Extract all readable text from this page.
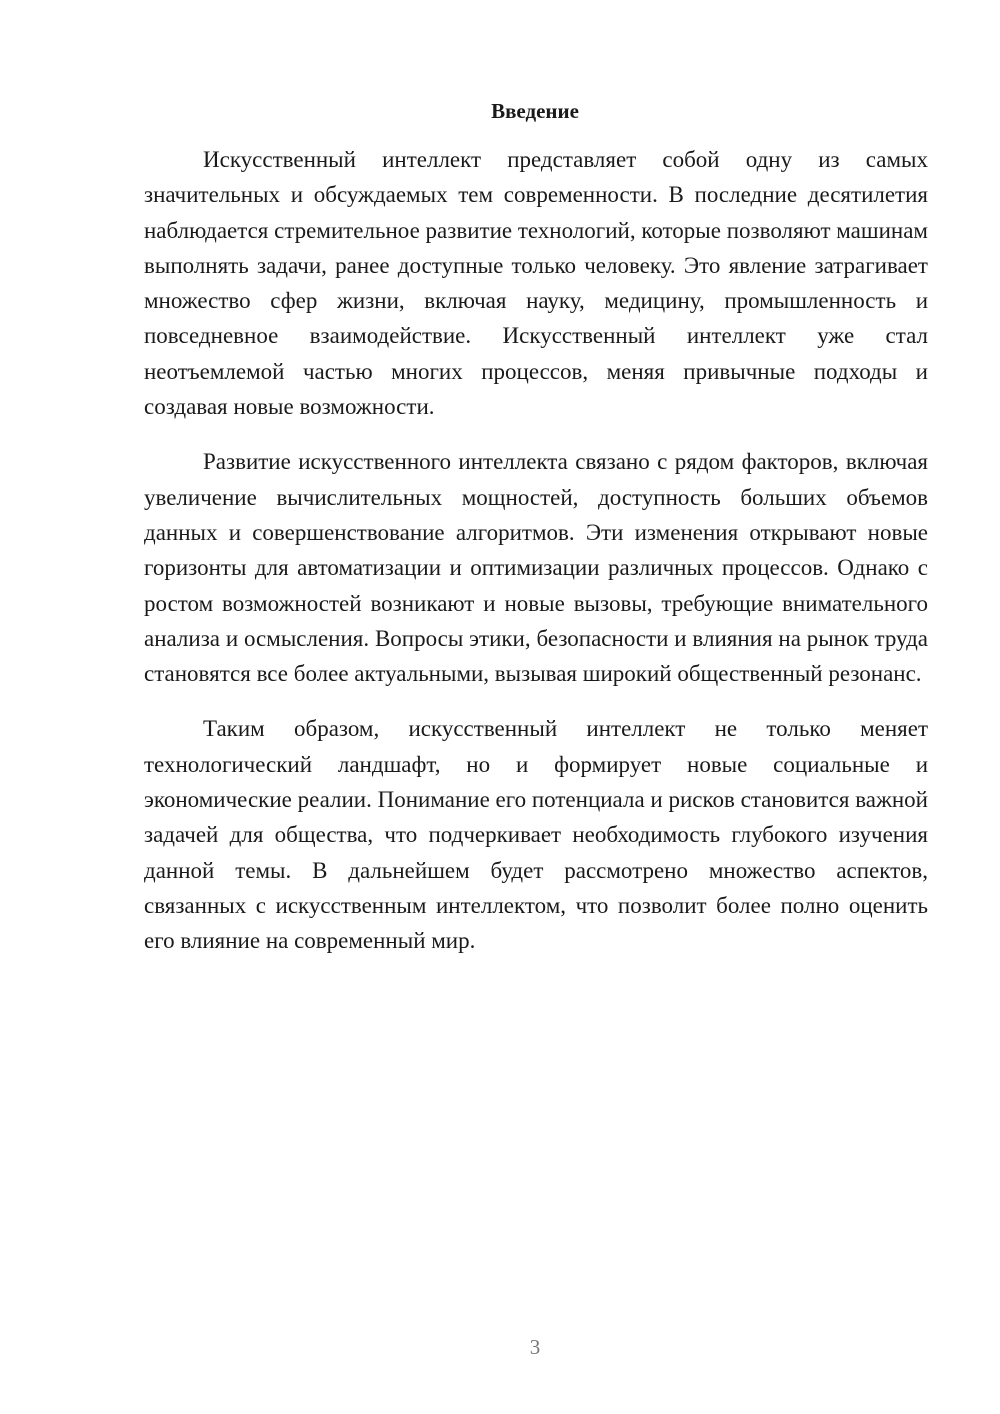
Введение

Искусственный интеллект представляет собой одну из самых значительных и обсуждаемых тем современности. В последние десятилетия наблюдается стремительное развитие технологий, которые позволяют машинам выполнять задачи, ранее доступные только человеку. Это явление затрагивает множество сфер жизни, включая науку, медицину, промышленность и повседневное взаимодействие. Искусственный интеллект уже стал неотъемлемой частью многих процессов, меняя привычные подходы и создавая новые возможности.

Развитие искусственного интеллекта связано с рядом факторов, включая увеличение вычислительных мощностей, доступность больших объемов данных и совершенствование алгоритмов. Эти изменения открывают новые горизонты для автоматизации и оптимизации различных процессов. Однако с ростом возможностей возникают и новые вызовы, требующие внимательного анализа и осмысления. Вопросы этики, безопасности и влияния на рынок труда становятся все более актуальными, вызывая широкий общественный резонанс.

Таким образом, искусственный интеллект не только меняет технологический ландшафт, но и формирует новые социальные и экономические реалии. Понимание его потенциала и рисков становится важной задачей для общества, что подчеркивает необходимость глубокого изучения данной темы. В дальнейшем будет рассмотрено множество аспектов, связанных с искусственным интеллектом, что позволит более полно оценить его влияние на современный мир.

3
